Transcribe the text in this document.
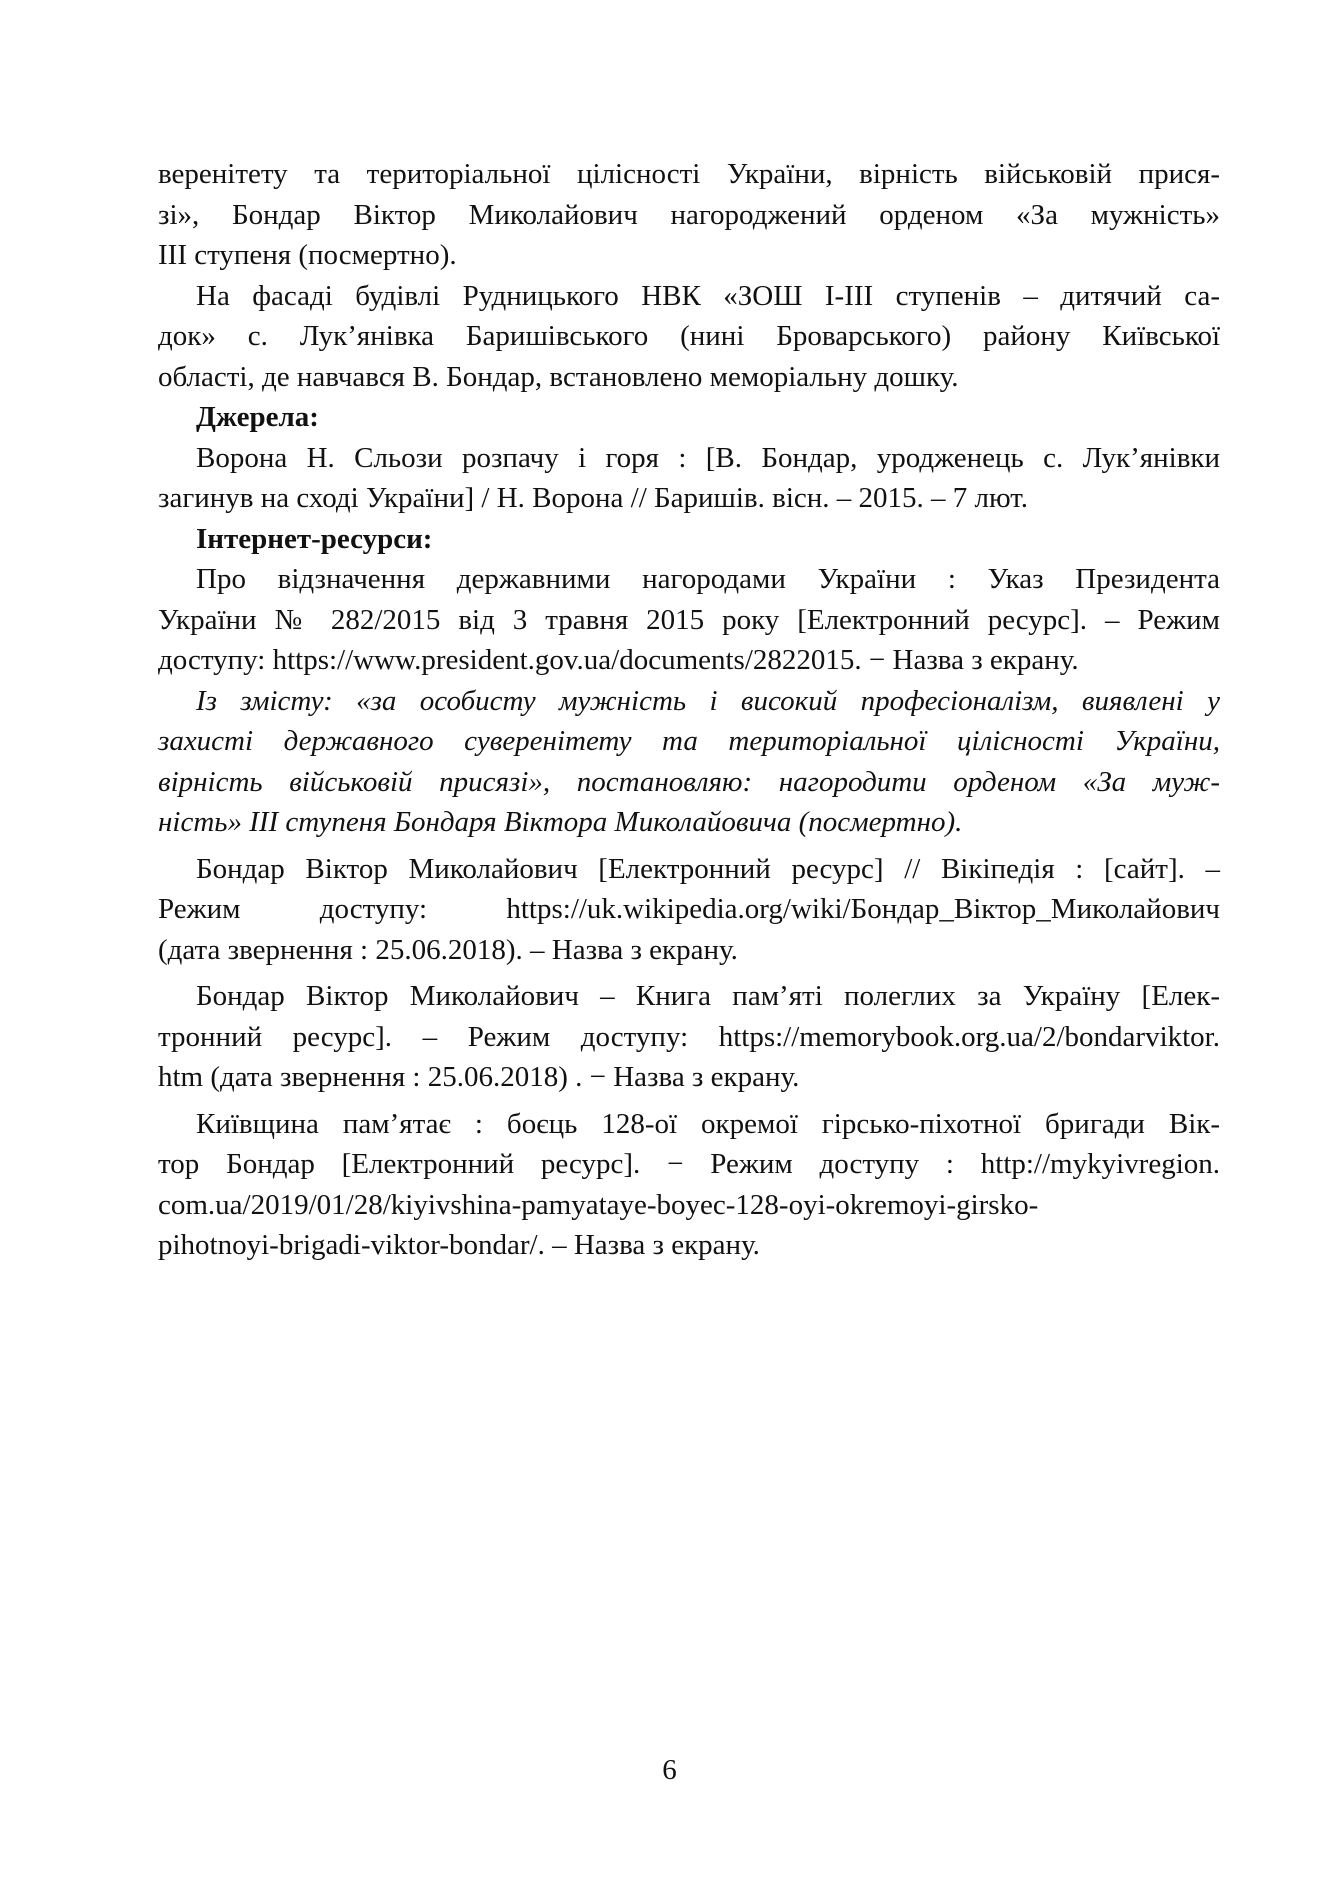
веренітету та територіальної цілісності України, вірність військовій прися-
зі», Бондар Віктор Миколайович нагороджений орденом «За мужність»
ІІІ ступеня (посмертно).
На фасаді будівлі Рудницького НВК «ЗОШ І-ІІІ ступенів – дитячий са-
док» с. Лук’янівка Баришівського (нині Броварського) району Київської
області, де навчався В. Бондар, встановлено меморіальну дошку.
Джерела:
Ворона Н. Сльози розпачу і горя : [В. Бондар, уродженець с. Лук’янівки
загинув на сході України] / Н. Ворона // Баришів. вісн. – 2015. – 7 лют.
Інтернет-ресурси:
Про відзначення державними нагородами України : Указ Президента
України № 282/2015 від 3 травня 2015 року [Електронний ресурс]. – Режим
доступу: https://www.president.gov.ua/documents/2822015. − Назва з екрану.
Із змісту: «за особисту мужність і високий професіоналізм, виявлені у
захисті державного суверенітету та територіальної цілісності України,
вірність військовій присязі», постановляю: нагородити орденом «За муж-
ність» ІІІ ступеня Бондаря Віктора Миколайовича (посмертно).
Бондар Віктор Миколайович [Електронний ресурс] // Вікіпедія : [сайт]. –
Режим доступу: https://uk.wikipedia.org/wiki/Бондар_Віктор_Миколайович
(дата звернення : 25.06.2018). – Назва з екрану.
Бондар Віктор Миколайович – Книга пам’яті полеглих за Україну [Елек-
тронний ресурс]. – Режим доступу: https://memorybook.org.ua/2/bondarviktor.
htm (дата звернення : 25.06.2018) . − Назва з екрану.
Київщина пам’ятає : боєць 128-ої окремої гірсько-піхотної бригади Вік-
тор Бондар [Електронний ресурс]. − Режим доступу : http://mykyivregion.
com.ua/2019/01/28/kiyivshina-pamyataye-boyec-128-oyi-okremoyi-girsko-
pihotnoyi-brigadi-viktor-bondar/. – Назва з екрану.
6
